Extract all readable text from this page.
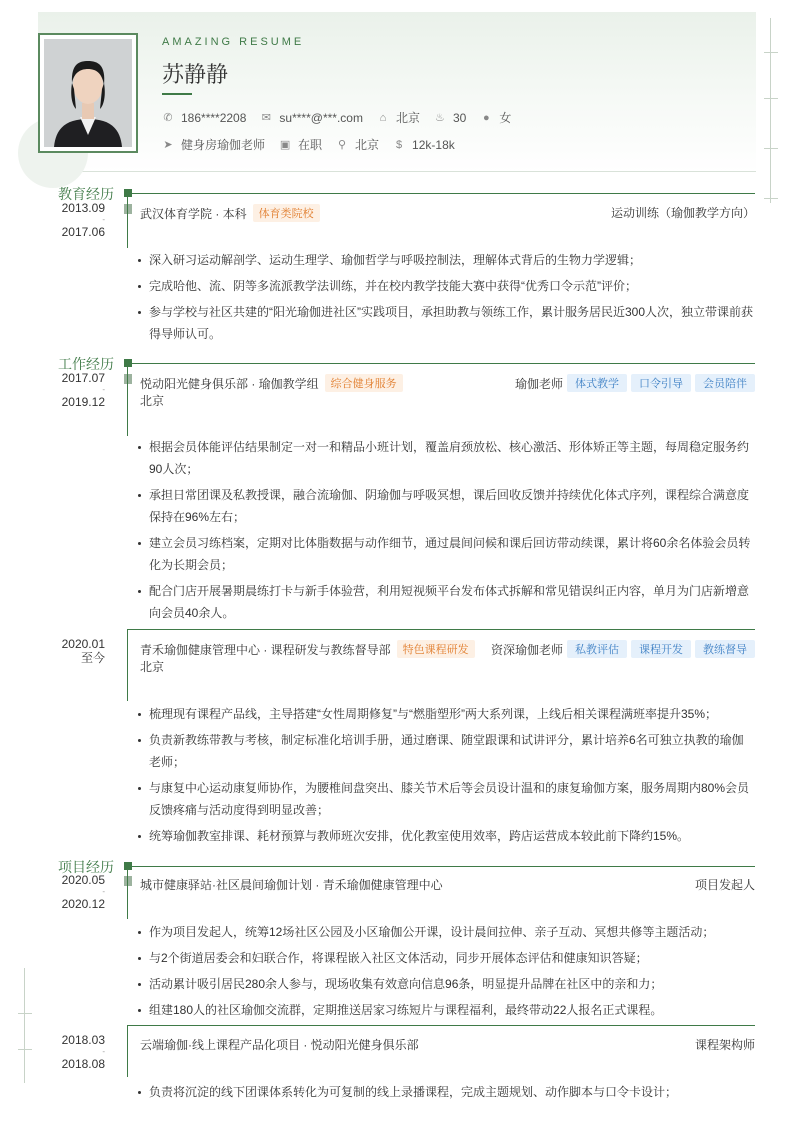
AMAZING RESUME
苏静静
✆ 186****2208 ✉ su****@***.com ⌂ 北京 ♨ 30 ● 女
➤ 健身房瑜伽老师 ▣ 在职 ⚲ 北京 $ 12k-18k
教育经历
2013.09
-
2017.06
武汉体育学院 · 本科	体育类院校	运动训练（瑜伽教学方向）
深入研习运动解剖学、运动生理学、瑜伽哲学与呼吸控制法，理解体式背后的生物力学逻辑；
完成哈他、流、阴等多流派教学法训练，并在校内教学技能大赛中获得“优秀口令示范”评价；
参与学校与社区共建的“阳光瑜伽进社区”实践项目，承担助教与领练工作，累计服务居民近300人次，独立带课前获得导师认可。
工作经历
2017.07
-
2019.12
悦动阳光健身俱乐部 · 瑜伽教学组	综合健身服务	瑜伽老师	体式教学	口令引导	会员陪伴
北京
根据会员体能评估结果制定一对一和精品小班计划，覆盖肩颈放松、核心激活、形体矫正等主题，每周稳定服务约90人次；
承担日常团课及私教授课，融合流瑜伽、阴瑜伽与呼吸冥想，课后回收反馈并持续优化体式序列，课程综合满意度保持在96%左右；
建立会员习练档案，定期对比体脂数据与动作细节，通过晨间问候和课后回访带动续课，累计将60余名体验会员转化为长期会员；
配合门店开展暑期晨练打卡与新手体验营，利用短视频平台发布体式拆解和常见错误纠正内容，单月为门店新增意向会员40余人。
2020.01
至今
青禾瑜伽健康管理中心 · 课程研发与教练督导部	特色课程研发	资深瑜伽老师	私教评估	课程开发	教练督导
北京
梳理现有课程产品线，主导搭建“女性周期修复”与“燃脂塑形”两大系列课，上线后相关课程满班率提升35%；
负责新教练带教与考核，制定标准化培训手册，通过磨课、随堂跟课和试讲评分，累计培养6名可独立执教的瑜伽老师；
与康复中心运动康复师协作，为腰椎间盘突出、膝关节术后等会员设计温和的康复瑜伽方案，服务周期内80%会员反馈疼痛与活动度得到明显改善；
统筹瑜伽教室排课、耗材预算与教师班次安排，优化教室使用效率，跨店运营成本较此前下降约15%。
项目经历
2020.05
-
2020.12
城市健康驿站·社区晨间瑜伽计划 · 青禾瑜伽健康管理中心	项目发起人
作为项目发起人，统筹12场社区公园及小区瑜伽公开课，设计晨间拉伸、亲子互动、冥想共修等主题活动；
与2个街道居委会和妇联合作，将课程嵌入社区文体活动，同步开展体态评估和健康知识答疑；
活动累计吸引居民280余人参与，现场收集有效意向信息96条，明显提升品牌在社区中的亲和力；
组建180人的社区瑜伽交流群，定期推送居家习练短片与课程福利，最终带动22人报名正式课程。
2018.03
-
2018.08
云端瑜伽·线上课程产品化项目 · 悦动阳光健身俱乐部	课程架构师
负责将沉淀的线下团课体系转化为可复制的线上录播课程，完成主题规划、动作脚本与口令卡设计；
